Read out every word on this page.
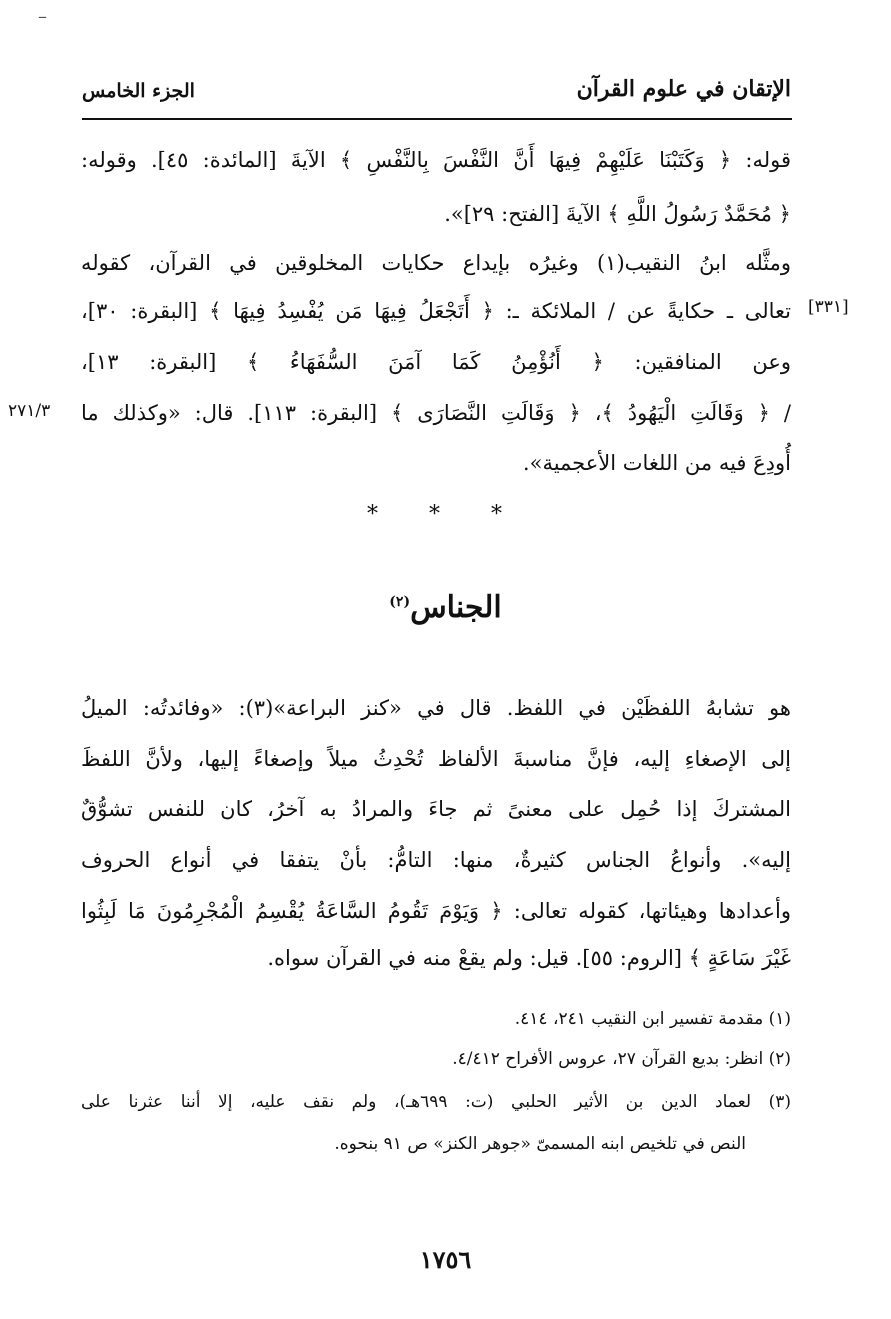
–
الإتقان في علوم القرآن
الجزء الخامس
قوله: ﴿ وَكَتَبْنَا عَلَيْهِمْ فِيهَا أَنَّ النَّفْسَ بِالنَّفْسِ ﴾ الآيةَ [المائدة: ٤٥]. وقوله:
﴿ مُحَمَّدٌ رَسُولُ اللَّهِ ﴾ الآيةَ [الفتح: ٢٩]».
ومثَّله ابنُ النقيب(١) وغيرُه بإيداع حكايات المخلوقين في القرآن، كقوله
تعالى ـ حكايةً عن / الملائكة ـ: ﴿ أَتَجْعَلُ فِيهَا مَن يُفْسِدُ فِيهَا ﴾ [البقرة: ٣٠]،
وعن المنافقين: ﴿ أَنُؤْمِنُ كَمَا آمَنَ السُّفَهَاءُ ﴾ [البقرة: ١٣]،
/ ﴿ وَقَالَتِ الْيَهُودُ ﴾، ﴿ وَقَالَتِ النَّصَارَى ﴾ [البقرة: ١١٣]. قال: «وكذلك ما
أُودِعَ فيه من اللغات الأعجمية».
[٣٣١]
٢٧١/٣
* * *
الجناس$^{(٢)}$
هو تشابهُ اللفظَيْن في اللفظ. قال في «كنز البراعة»(٣): «وفائدتُه: الميلُ
إلى الإصغاءِ إليه، فإنَّ مناسبةَ الألفاظ تُحْدِثُ ميلاً وإصغاءً إليها، ولأنَّ اللفظَ
المشتركَ إذا حُمِل على معنىً ثم جاءَ والمرادُ به آخرُ، كان للنفس تشوُّقٌ
إليه». وأنواعُ الجناس كثيرةٌ، منها: التامُّ: بأنْ يتفقا في أنواع الحروف
وأعدادها وهيئاتها، كقوله تعالى: ﴿ وَيَوْمَ تَقُومُ السَّاعَةُ يُقْسِمُ الْمُجْرِمُونَ مَا لَبِثُوا
غَيْرَ سَاعَةٍ ﴾ [الروم: ٥٥]. قيل: ولم يقعْ منه في القرآن سواه.
(١) مقدمة تفسير ابن النقيب ٢٤١، ٤١٤.
(٢) انظر: بديع القرآن ٢٧، عروس الأفراح ٤/٤١٢.
(٣) لعماد الدين بن الأثير الحلبي (ت: ٦٩٩هـ)، ولم نقف عليه، إلا أننا عثرنا على
النص في تلخيص ابنه المسمىّ «جوهر الكنز» ص ٩١ بنحوه.
١٧٥٦
